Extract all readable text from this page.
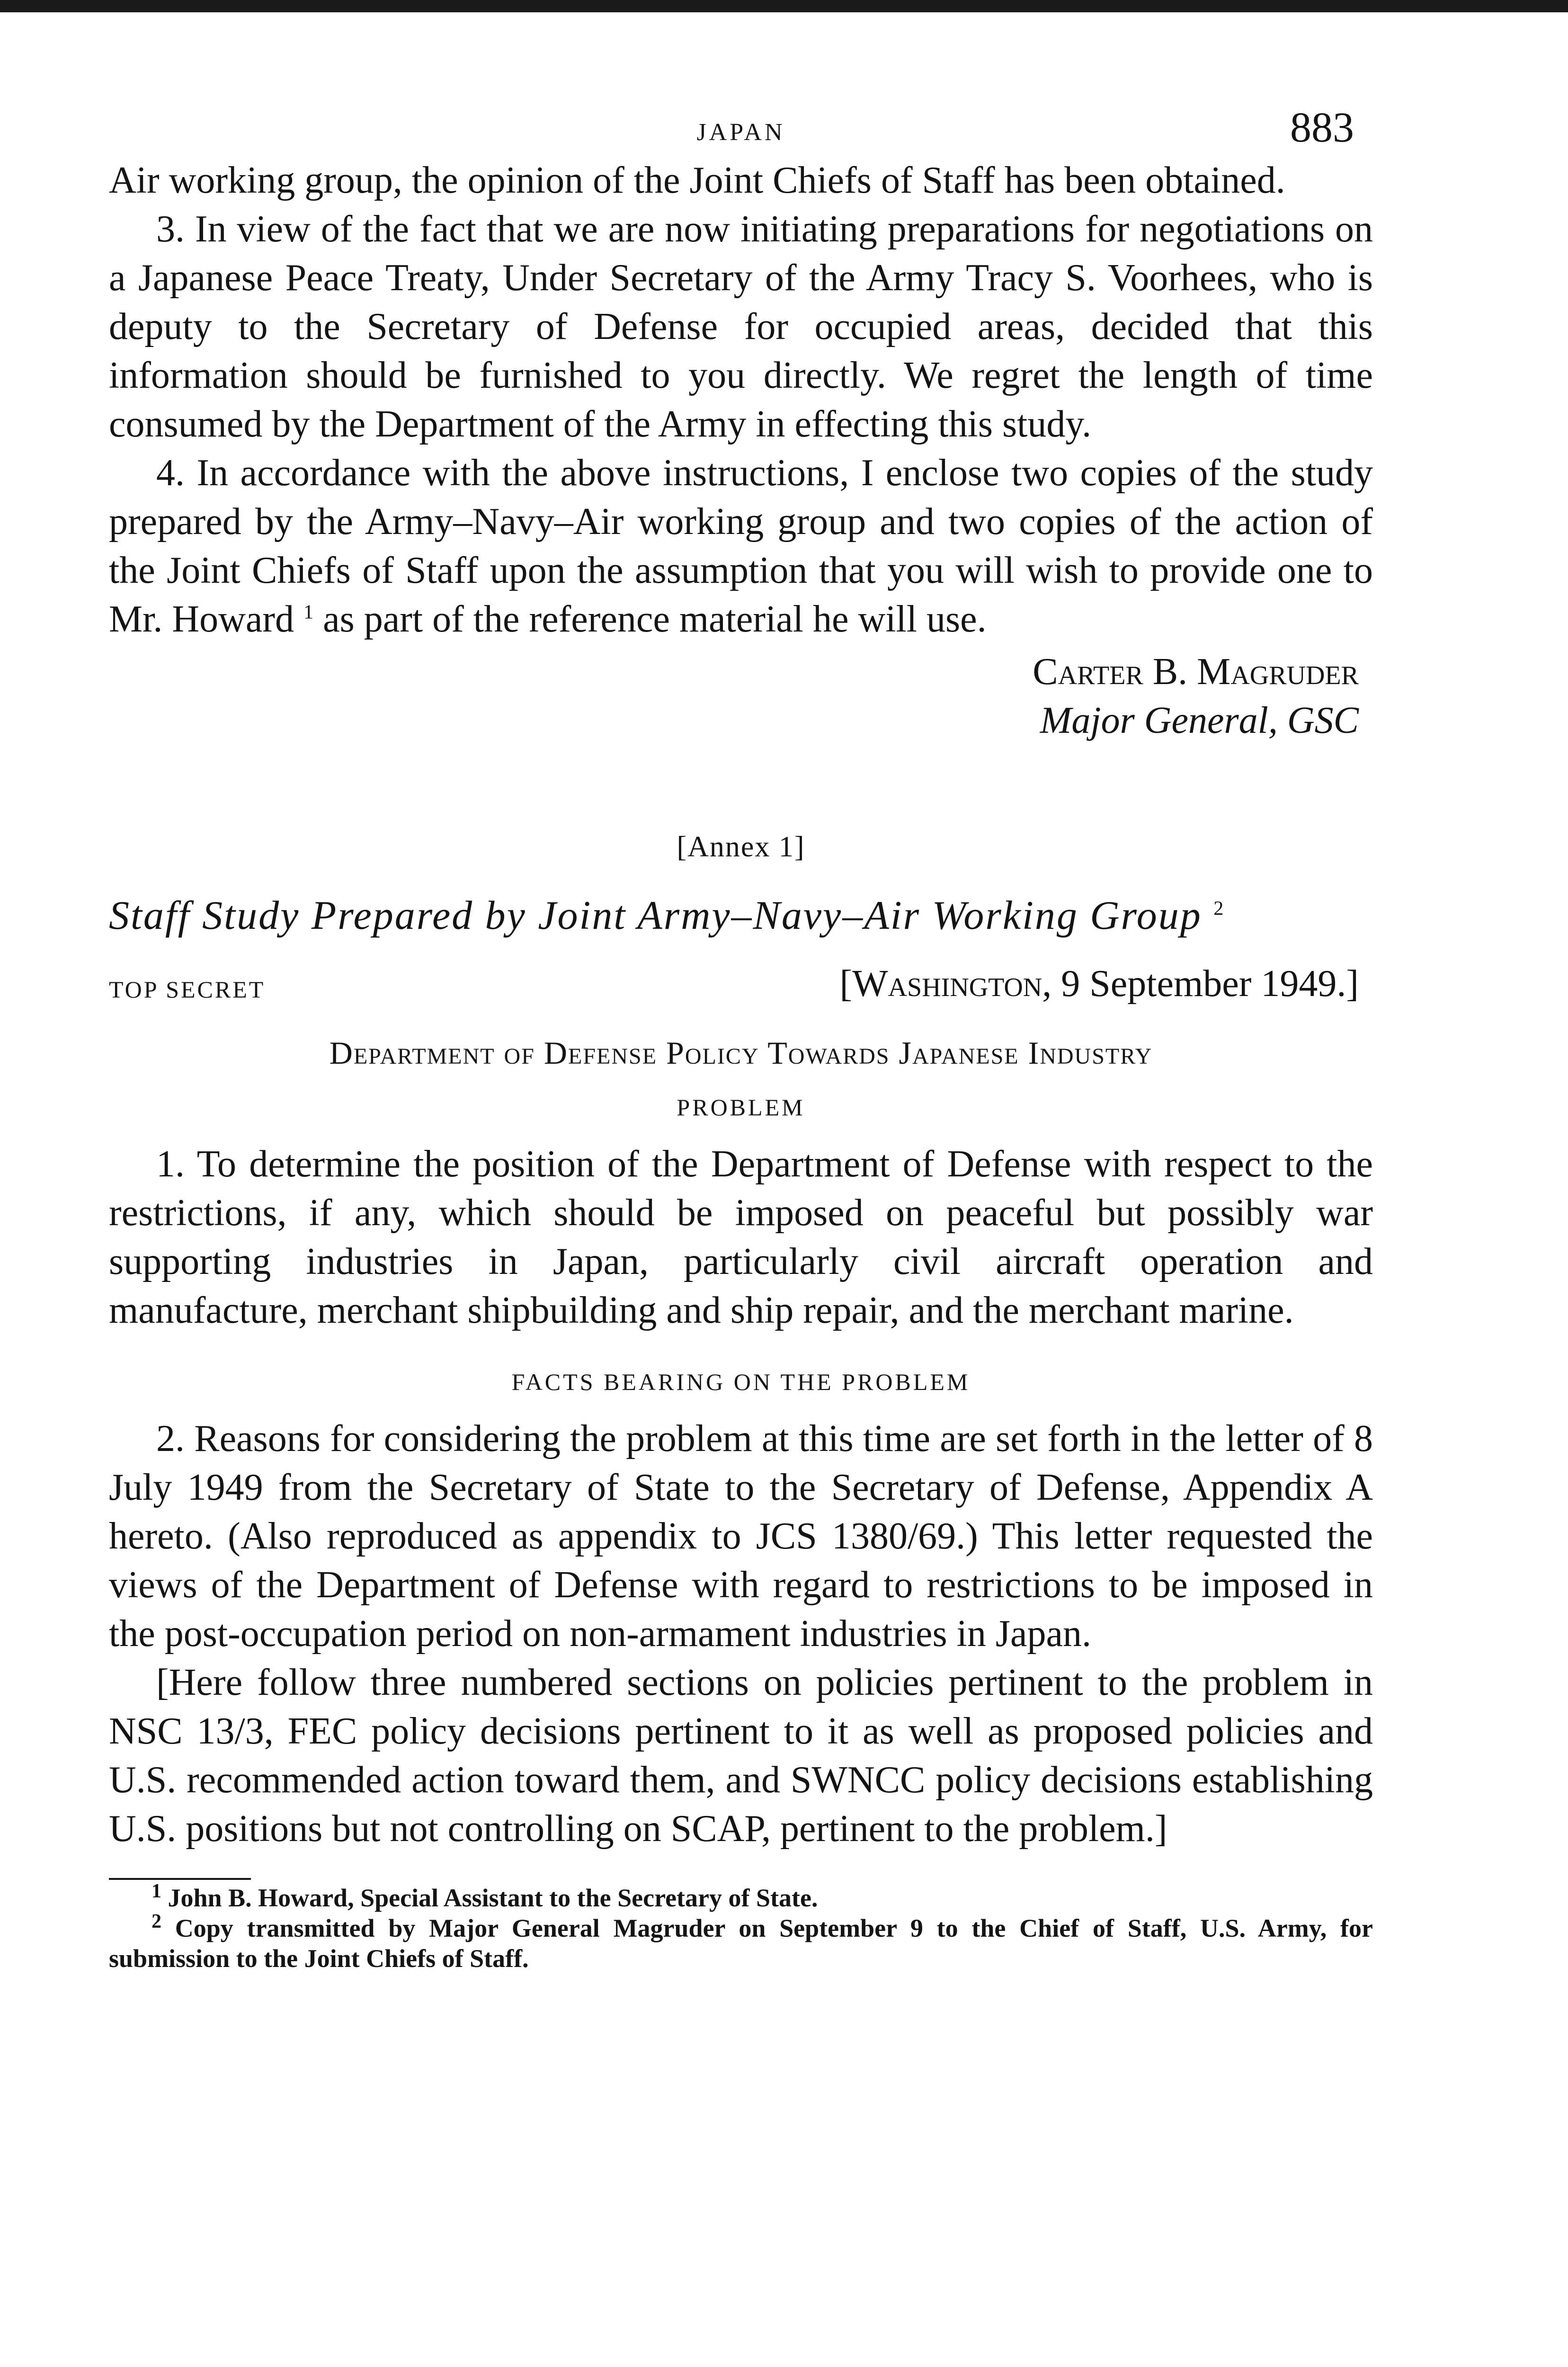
JAPAN	883

Air working group, the opinion of the Joint Chiefs of Staff has been obtained.

3. In view of the fact that we are now initiating preparations for negotiations on a Japanese Peace Treaty, Under Secretary of the Army Tracy S. Voorhees, who is deputy to the Secretary of Defense for occupied areas, decided that this information should be furnished to you directly. We regret the length of time consumed by the Department of the Army in effecting this study.

4. In accordance with the above instructions, I enclose two copies of the study prepared by the Army–Navy–Air working group and two copies of the action of the Joint Chiefs of Staff upon the assumption that you will wish to provide one to Mr. Howard $^1$ as part of the reference material he will use.

Carter B. Magruder
Major General, GSC
[Annex 1]
Staff Study Prepared by Joint Army–Navy–Air Working Group $^2$
TOP SECRET	[Washington, 9 September 1949.]
Department of Defense Policy Towards Japanese Industry
PROBLEM

1. To determine the position of the Department of Defense with respect to the restrictions, if any, which should be imposed on peaceful but possibly war supporting industries in Japan, particularly civil aircraft operation and manufacture, merchant shipbuilding and ship repair, and the merchant marine.

FACTS BEARING ON THE PROBLEM

2. Reasons for considering the problem at this time are set forth in the letter of 8 July 1949 from the Secretary of State to the Secretary of Defense, Appendix A hereto. (Also reproduced as appendix to JCS 1380/69.) This letter requested the views of the Department of Defense with regard to restrictions to be imposed in the post-occupation period on non-armament industries in Japan.

[Here follow three numbered sections on policies pertinent to the problem in NSC 13/3, FEC policy decisions pertinent to it as well as proposed policies and U.S. recommended action toward them, and SWNCC policy decisions establishing U.S. positions but not controlling on SCAP, pertinent to the problem.]

$^1$ John B. Howard, Special Assistant to the Secretary of State.
$^2$ Copy transmitted by Major General Magruder on September 9 to the Chief of Staff, U.S. Army, for submission to the Joint Chiefs of Staff.
